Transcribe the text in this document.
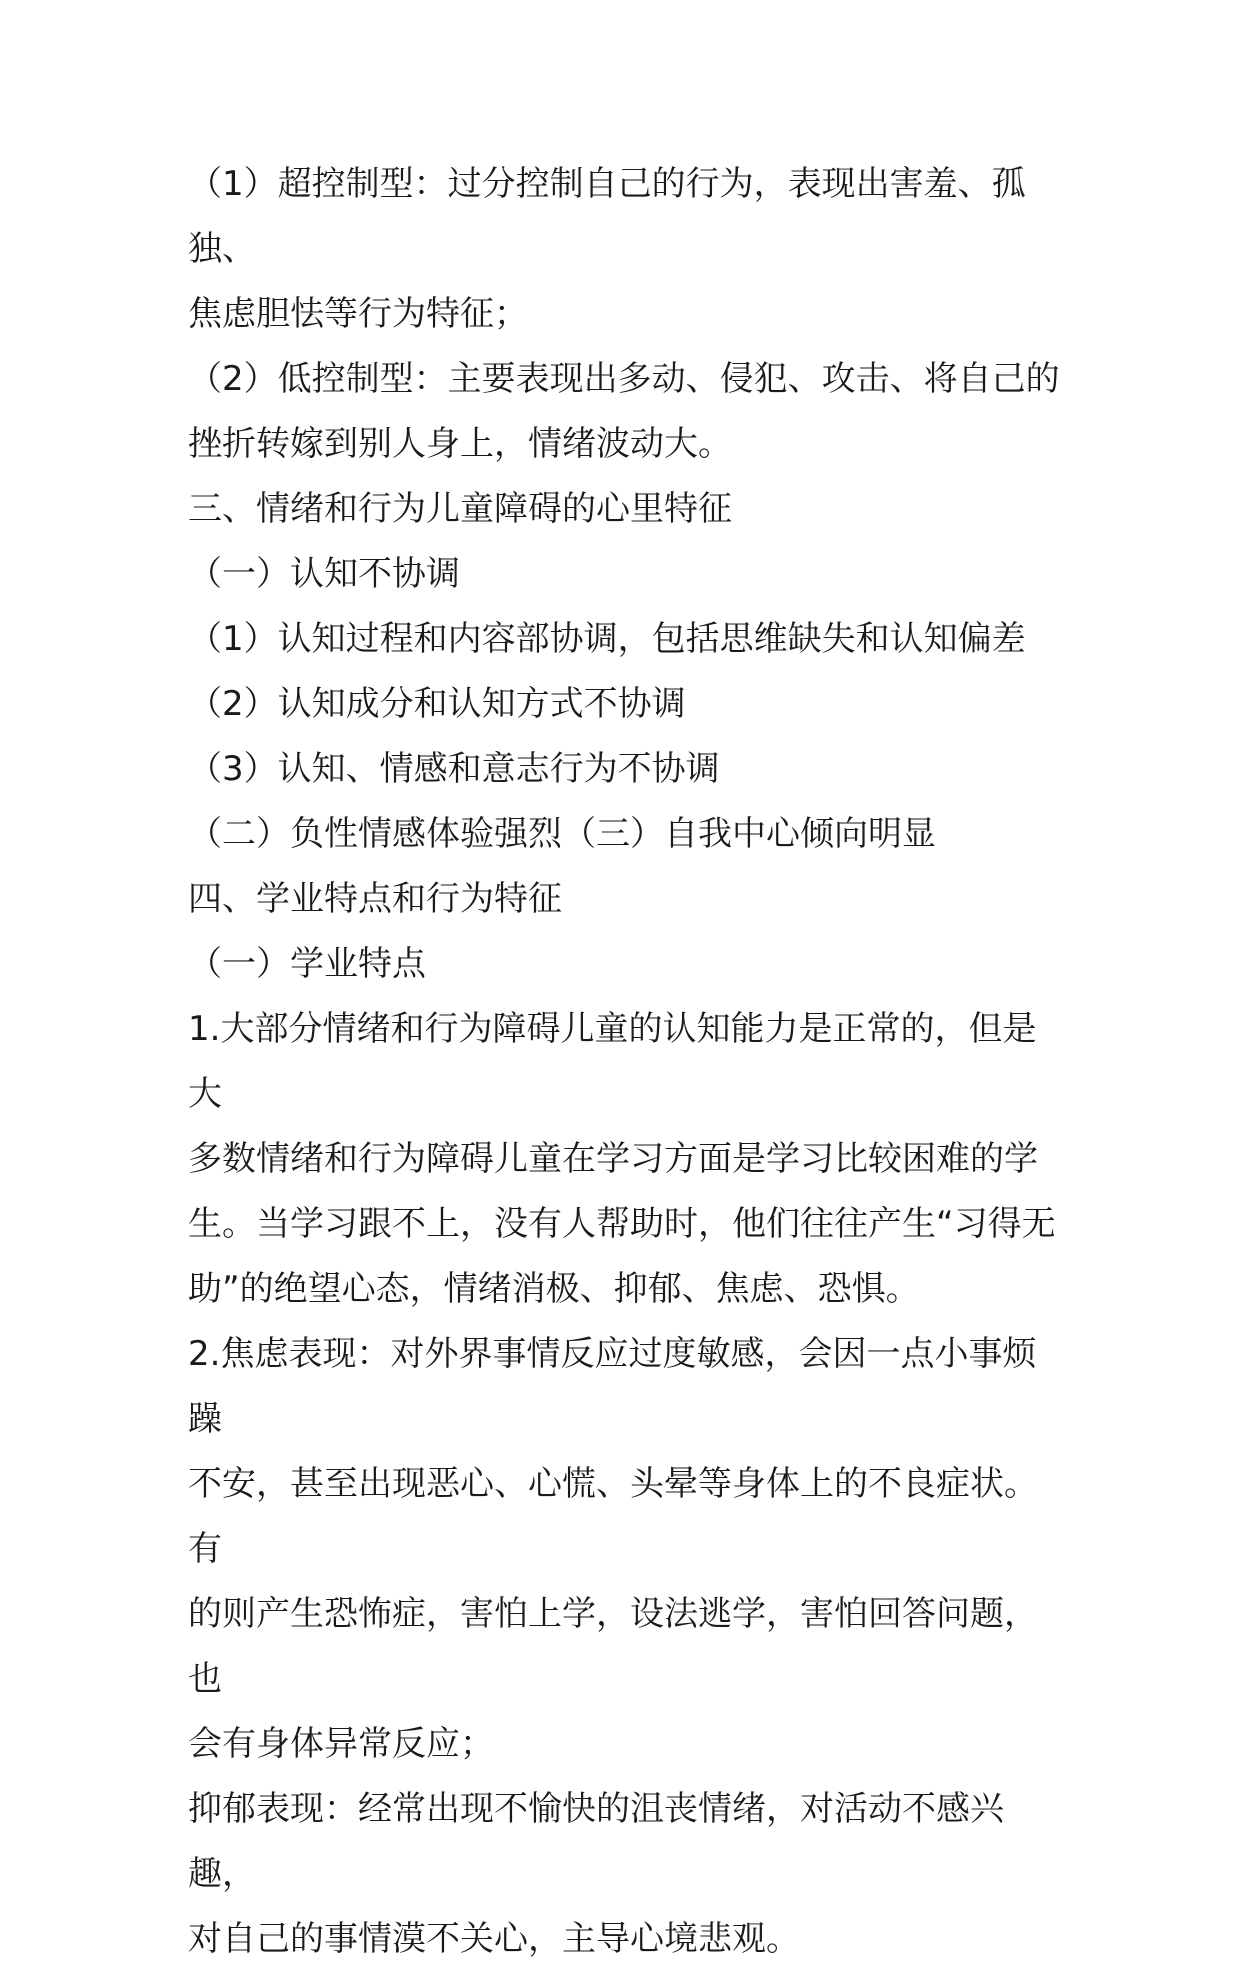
（1）超控制型：过分控制自己的行为，表现出害羞、孤独、
焦虑胆怯等行为特征；

（2）低控制型：主要表现出多动、侵犯、攻击、将自己的
挫折转嫁到别人身上，情绪波动大。

三、情绪和行为儿童障碍的心里特征

（一）认知不协调

（1）认知过程和内容部协调，包括思维缺失和认知偏差

（2）认知成分和认知方式不协调

（3）认知、情感和意志行为不协调

（二）负性情感体验强烈（三）自我中心倾向明显

四、学业特点和行为特征

（一）学业特点

1.大部分情绪和行为障碍儿童的认知能力是正常的，但是大
多数情绪和行为障碍儿童在学习方面是学习比较困难的学
生。当学习跟不上，没有人帮助时，他们往往产生“习得无
助”的绝望心态，情绪消极、抑郁、焦虑、恐惧。

2.焦虑表现：对外界事情反应过度敏感，会因一点小事烦躁
不安，甚至出现恶心、心慌、头晕等身体上的不良症状。有
的则产生恐怖症，害怕上学，设法逃学，害怕回答问题，也
会有身体异常反应；

抑郁表现：经常出现不愉快的沮丧情绪，对活动不感兴趣，
对自己的事情漠不关心，主导心境悲观。
